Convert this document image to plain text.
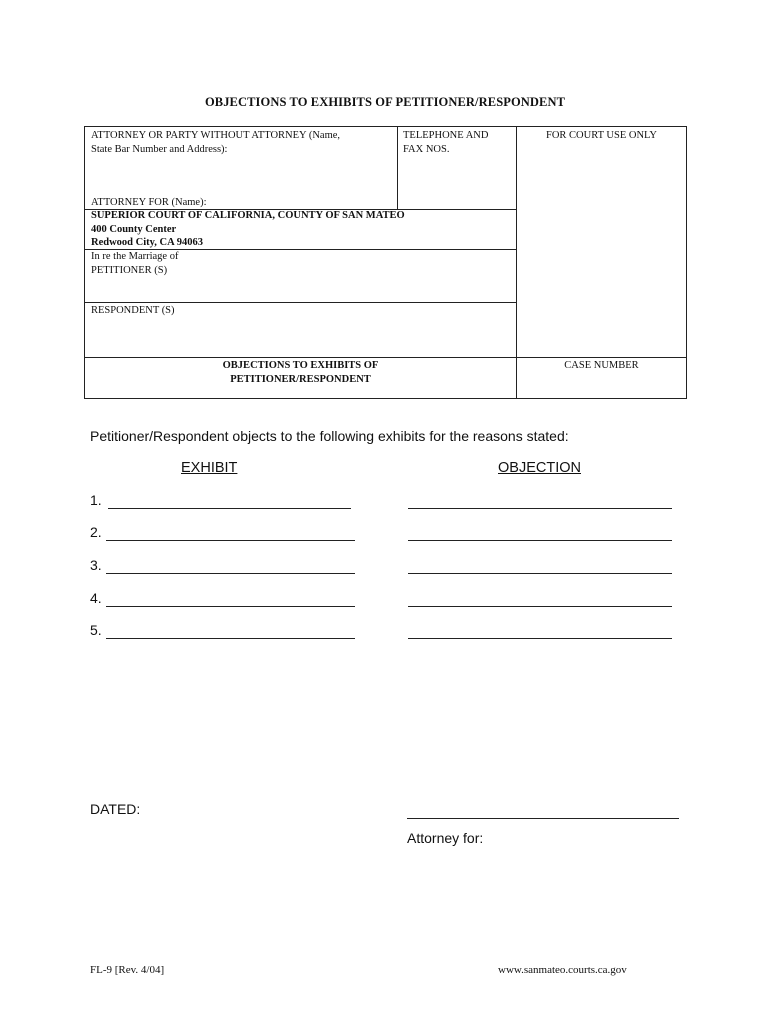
OBJECTIONS TO EXHIBITS OF PETITIONER/RESPONDENT
ATTORNEY OR PARTY WITHOUT ATTORNEY (Name,
State Bar Number and Address):
ATTORNEY FOR (Name):
TELEPHONE AND
FAX NOS.
FOR COURT USE ONLY
SUPERIOR COURT OF CALIFORNIA, COUNTY OF SAN MATEO
400 County Center
Redwood City, CA 94063
In re the Marriage of
PETITIONER (S)
RESPONDENT (S)
OBJECTIONS TO EXHIBITS OF
PETITIONER/RESPONDENT
CASE NUMBER
Petitioner/Respondent objects to the following exhibits for the reasons stated:
EXHIBIT	OBJECTION
1.
2.
3.
4.
5.
DATED:
Attorney for:
FL-9 [Rev. 4/04]	www.sanmateo.courts.ca.gov
